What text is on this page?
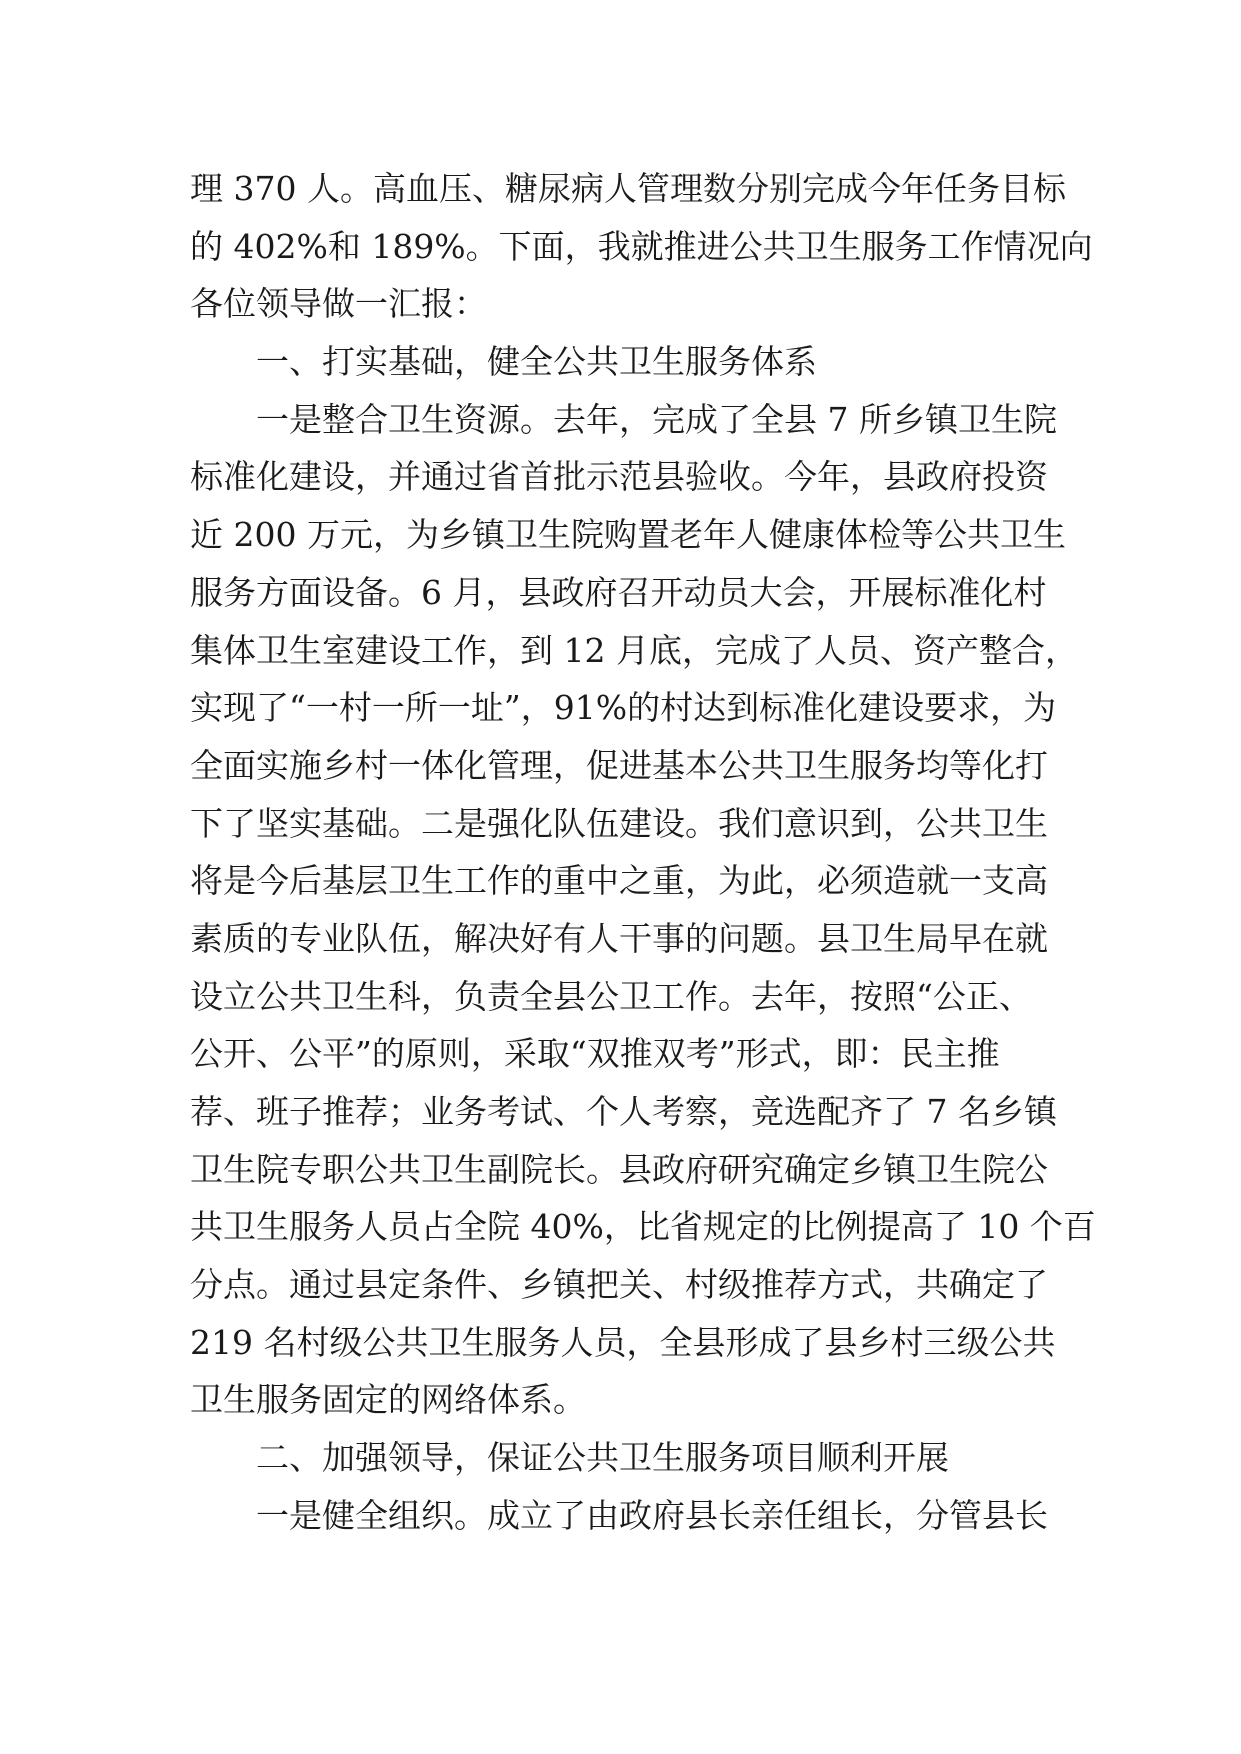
理 370 人。高血压、糖尿病人管理数分别完成今年任务目标
的 402%和 189%。下面，我就推进公共卫生服务工作情况向
各位领导做一汇报：
一、打实基础，健全公共卫生服务体系
一是整合卫生资源。去年，完成了全县 7 所乡镇卫生院
标准化建设，并通过省首批示范县验收。今年，县政府投资
近 200 万元，为乡镇卫生院购置老年人健康体检等公共卫生
服务方面设备。6 月，县政府召开动员大会，开展标准化村
集体卫生室建设工作，到 12 月底，完成了人员、资产整合，
实现了“一村一所一址”，91%的村达到标准化建设要求，为
全面实施乡村一体化管理，促进基本公共卫生服务均等化打
下了坚实基础。二是强化队伍建设。我们意识到，公共卫生
将是今后基层卫生工作的重中之重，为此，必须造就一支高
素质的专业队伍，解决好有人干事的问题。县卫生局早在就
设立公共卫生科，负责全县公卫工作。去年，按照“公正、
公开、公平”的原则，采取“双推双考”形式，即：民主推
荐、班子推荐；业务考试、个人考察，竞选配齐了 7 名乡镇
卫生院专职公共卫生副院长。县政府研究确定乡镇卫生院公
共卫生服务人员占全院 40%，比省规定的比例提高了 10 个百
分点。通过县定条件、乡镇把关、村级推荐方式，共确定了
219 名村级公共卫生服务人员，全县形成了县乡村三级公共
卫生服务固定的网络体系。
二、加强领导，保证公共卫生服务项目顺利开展
一是健全组织。成立了由政府县长亲任组长，分管县长
